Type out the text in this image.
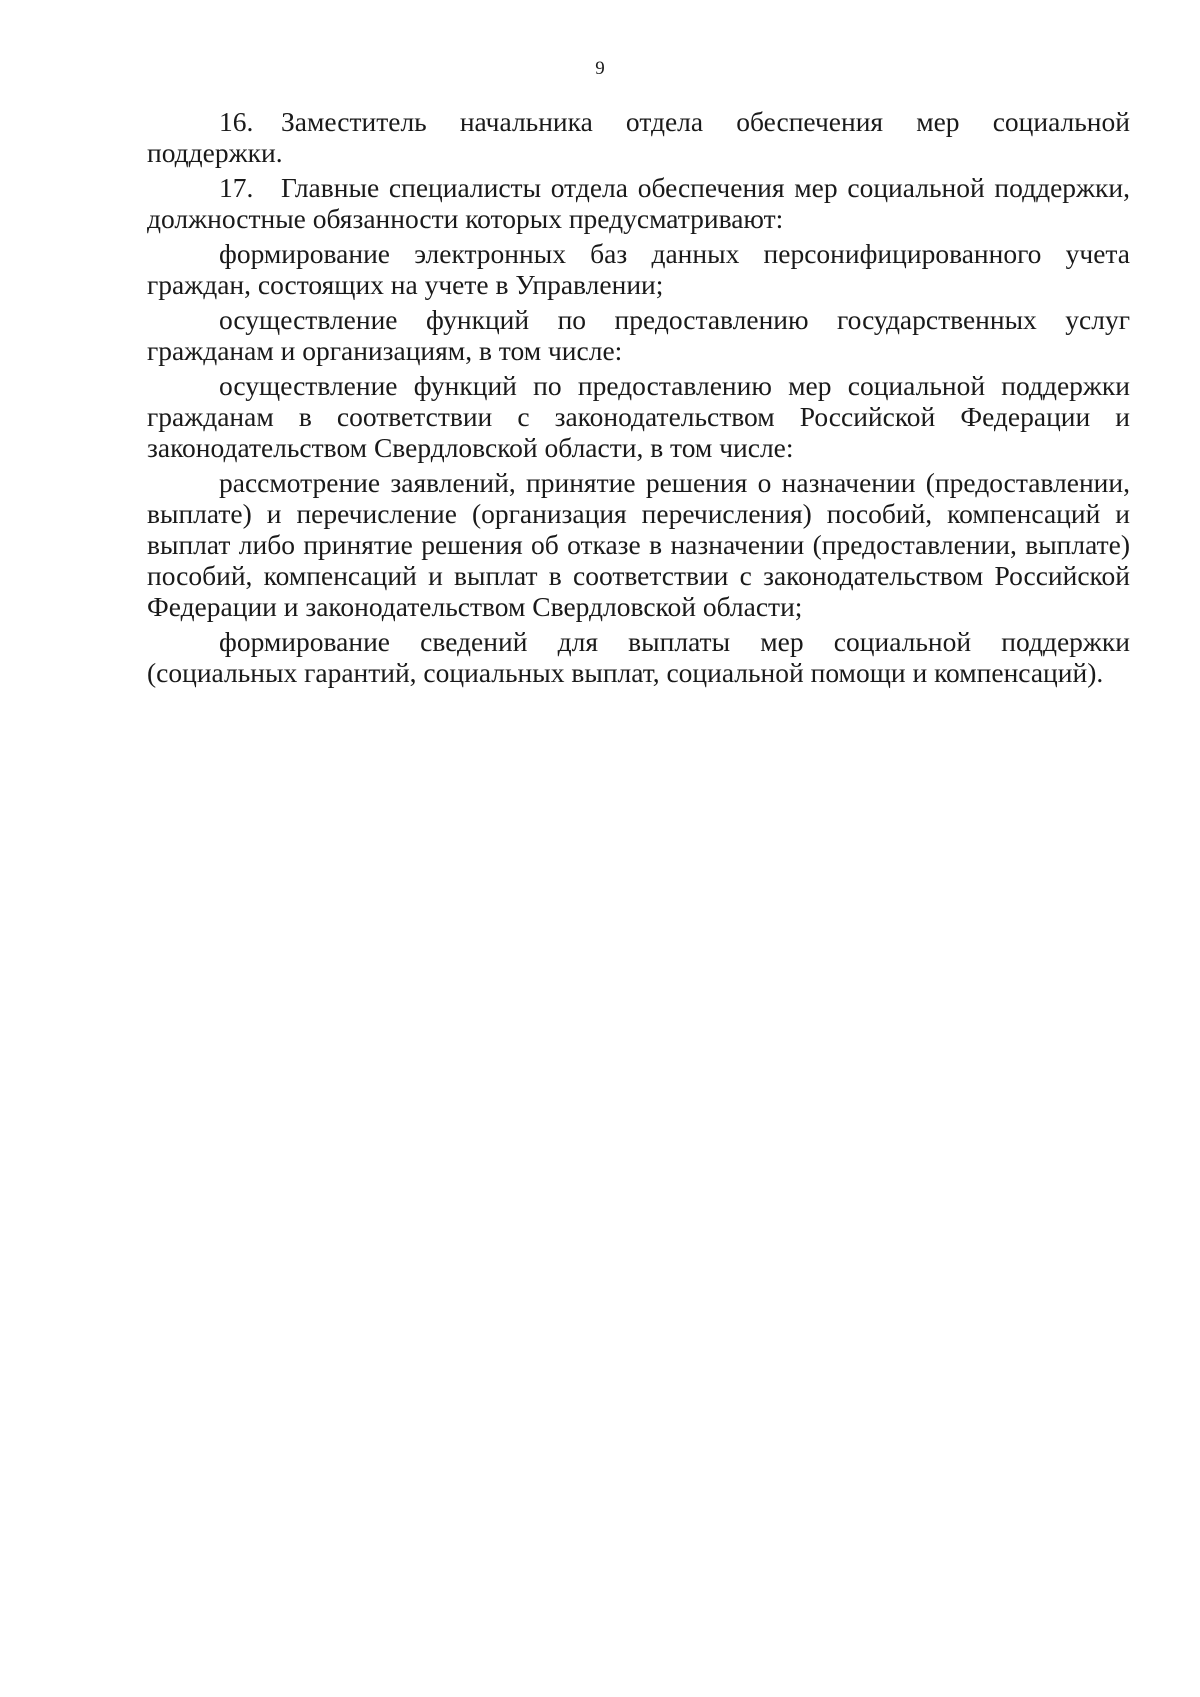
9

16. Заместитель начальника отдела обеспечения мер социальной поддержки.

17. Главные специалисты отдела обеспечения мер социальной поддержки, должностные обязанности которых предусматривают:

формирование электронных баз данных персонифицированного учета граждан, состоящих на учете в Управлении;

осуществление функций по предоставлению государственных услуг гражданам и организациям, в том числе:

осуществление функций по предоставлению мер социальной поддержки гражданам в соответствии с законодательством Российской Федерации и законодательством Свердловской области, в том числе:

рассмотрение заявлений, принятие решения о назначении (предоставлении, выплате) и перечисление (организация перечисления) пособий, компенсаций и выплат либо принятие решения об отказе в назначении (предоставлении, выплате) пособий, компенсаций и выплат в соответствии с законодательством Российской Федерации и законодательством Свердловской области;

формирование сведений для выплаты мер социальной поддержки (социальных гарантий, социальных выплат, социальной помощи и компенсаций).
